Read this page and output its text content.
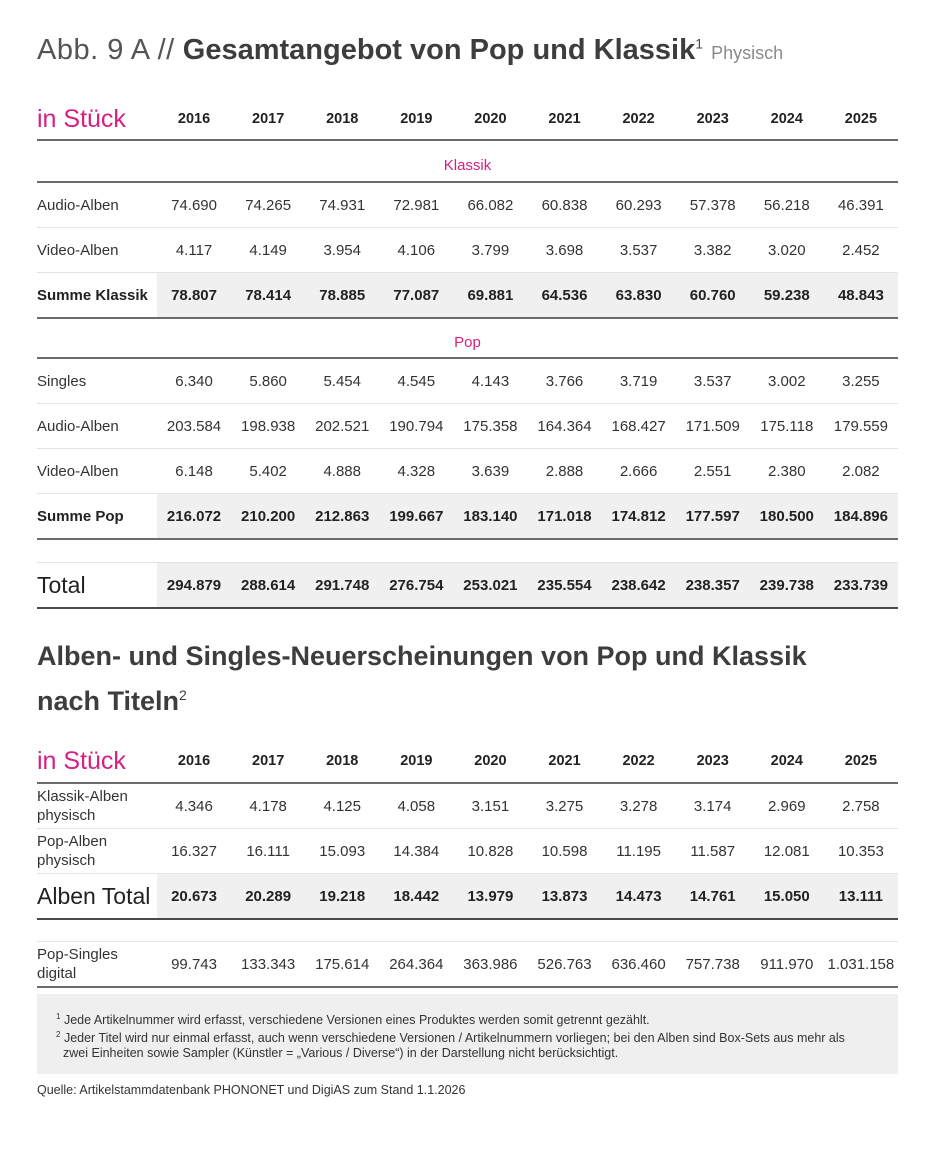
Abb. 9 A // Gesamtangebot von Pop und Klassik$^1$ Physisch
in Stück	2016	2017	2018	2019	2020	2021	2022	2023	2024	2025
Klassik
Audio-Alben	74.690	74.265	74.931	72.981	66.082	60.838	60.293	57.378	56.218	46.391
Video-Alben	4.117	4.149	3.954	4.106	3.799	3.698	3.537	3.382	3.020	2.452
Summe Klassik	78.807	78.414	78.885	77.087	69.881	64.536	63.830	60.760	59.238	48.843
Pop
Singles	6.340	5.860	5.454	4.545	4.143	3.766	3.719	3.537	3.002	3.255
Audio-Alben	203.584	198.938	202.521	190.794	175.358	164.364	168.427	171.509	175.118	179.559
Video-Alben	6.148	5.402	4.888	4.328	3.639	2.888	2.666	2.551	2.380	2.082
Summe Pop	216.072	210.200	212.863	199.667	183.140	171.018	174.812	177.597	180.500	184.896
Total	294.879	288.614	291.748	276.754	253.021	235.554	238.642	238.357	239.738	233.739
Alben- und Singles-Neuerscheinungen von Pop und Klassik
nach Titeln$^2$
in Stück	2016	2017	2018	2019	2020	2021	2022	2023	2024	2025
Klassik-Alben
physisch
4.346	4.178	4.125	4.058	3.151	3.275	3.278	3.174	2.969	2.758
Pop-Alben
physisch
16.327	16.111	15.093	14.384	10.828	10.598	11.195	11.587	12.081	10.353
Alben Total	20.673	20.289	19.218	18.442	13.979	13.873	14.473	14.761	15.050	13.111
Pop-Singles
digital
99.743	133.343	175.614	264.364	363.986	526.763	636.460	757.738	911.970 1.031.158
$^1$ Jede Artikelnummer wird erfasst, verschiedene Versionen eines Produktes werden somit getrennt gezählt.
$^2$ Jeder Titel wird nur einmal erfasst, auch wenn verschiedene Versionen / Artikelnummern vorliegen; bei den Alben sind Box-Sets aus mehr als
zwei Einheiten sowie Sampler (Künstler = „Various / Diverse“) in der Darstellung nicht berücksichtigt.
Quelle: Artikelstammdatenbank PHONONET und DigiAS zum Stand 1.1.2026
